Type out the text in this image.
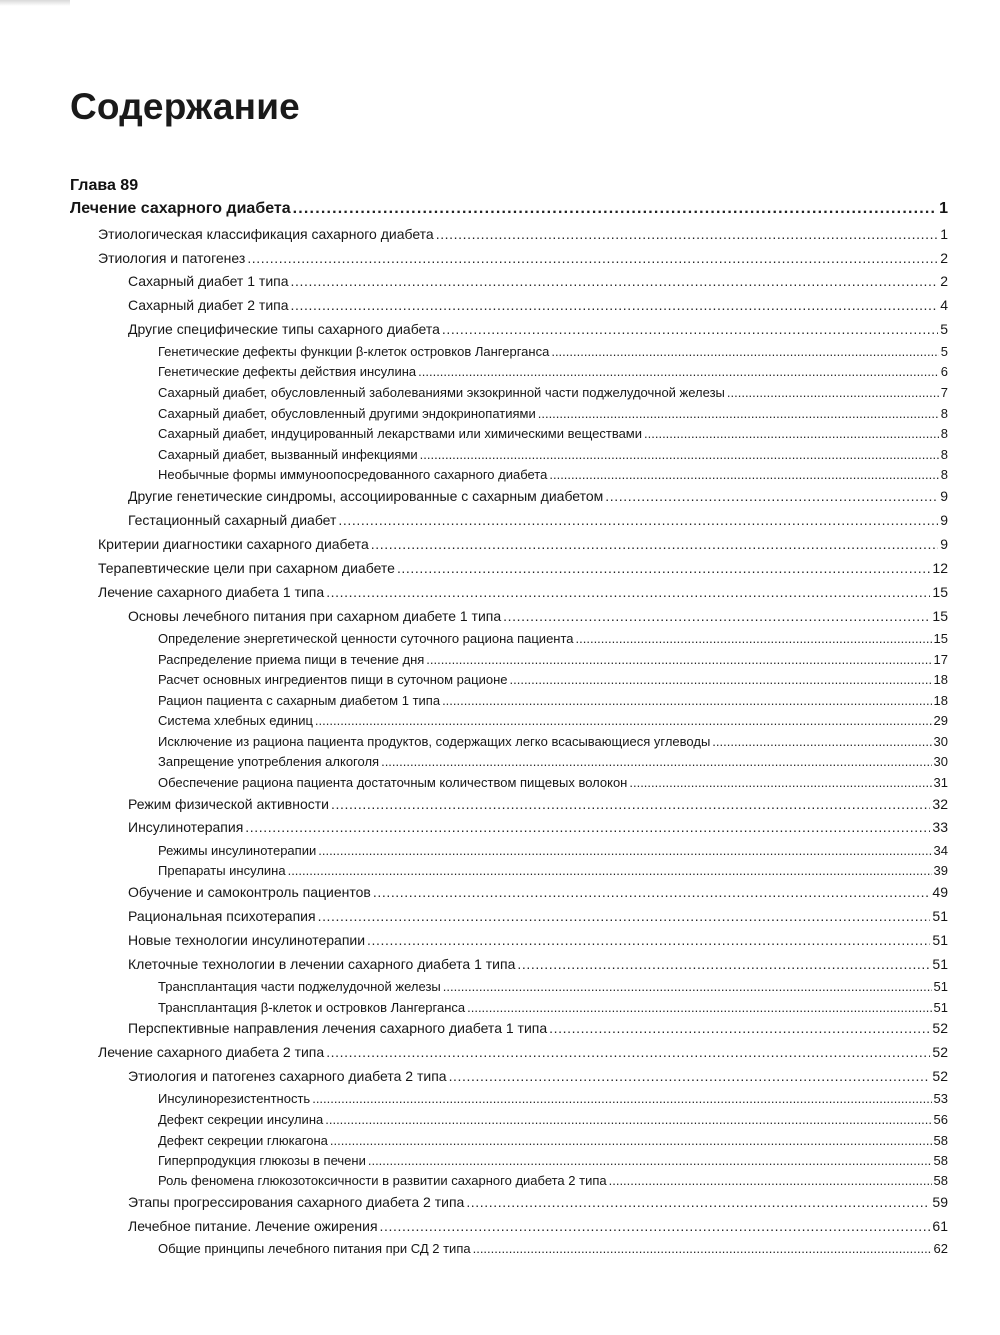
Содержание
Глава 89
Лечение сахарного диабета .....	1
Этиологическая классификация сахарного диабета .....	1
Этиология и патогенез .....	2
Сахарный диабет 1 типа .....	2
Сахарный диабет 2 типа .....	4
Другие специфические типы сахарного диабета .....	5
Генетические дефекты функции β-клеток островков Лангерганса .....	5
Генетические дефекты действия инсулина .....	6
Сахарный диабет, обусловленный заболеваниями экзокринной части поджелудочной железы .....	7
Сахарный диабет, обусловленный другими эндокринопатиями .....	8
Сахарный диабет, индуцированный лекарствами или химическими веществами .....	8
Сахарный диабет, вызванный инфекциями .....	8
Необычные формы иммуноопосредованного сахарного диабета .....	8
Другие генетические синдромы, ассоциированные с сахарным диабетом .....	9
Гестационный сахарный диабет .....	9
Критерии диагностики сахарного диабета .....	9
Терапевтические цели при сахарном диабете .....	12
Лечение сахарного диабета 1 типа .....	15
Основы лечебного питания при сахарном диабете 1 типа .....	15
Определение энергетической ценности суточного рациона пациента .....	15
Распределение приема пищи в течение дня .....	17
Расчет основных ингредиентов пищи в суточном рационе .....	18
Рацион пациента с сахарным диабетом 1 типа .....	18
Система хлебных единиц .....	29
Исключение из рациона пациента продуктов, содержащих легко всасывающиеся углеводы .....	30
Запрещение употребления алкоголя .....	30
Обеспечение рациона пациента достаточным количеством пищевых волокон .....	31
Режим физической активности .....	32
Инсулинотерапия .....	33
Режимы инсулинотерапии .....	34
Препараты инсулина .....	39
Обучение и самоконтроль пациентов .....	49
Рациональная психотерапия .....	51
Новые технологии инсулинотерапии .....	51
Клеточные технологии в лечении сахарного диабета 1 типа .....	51
Трансплантация части поджелудочной железы .....	51
Трансплантация β-клеток и островков Лангерганса .....	51
Перспективные направления лечения сахарного диабета 1 типа .....	52
Лечение сахарного диабета 2 типа .....	52
Этиология и патогенез сахарного диабета 2 типа .....	52
Инсулинорезистентность .....	53
Дефект секреции инсулина .....	56
Дефект секреции глюкагона .....	58
Гиперпродукция глюкозы в печени .....	58
Роль феномена глюкозотоксичности в развитии сахарного диабета 2 типа .....	58
Этапы прогрессирования сахарного диабета 2 типа .....	59
Лечебное питание. Лечение ожирения .....	61
Общие принципы лечебного питания при СД 2 типа .....	62
